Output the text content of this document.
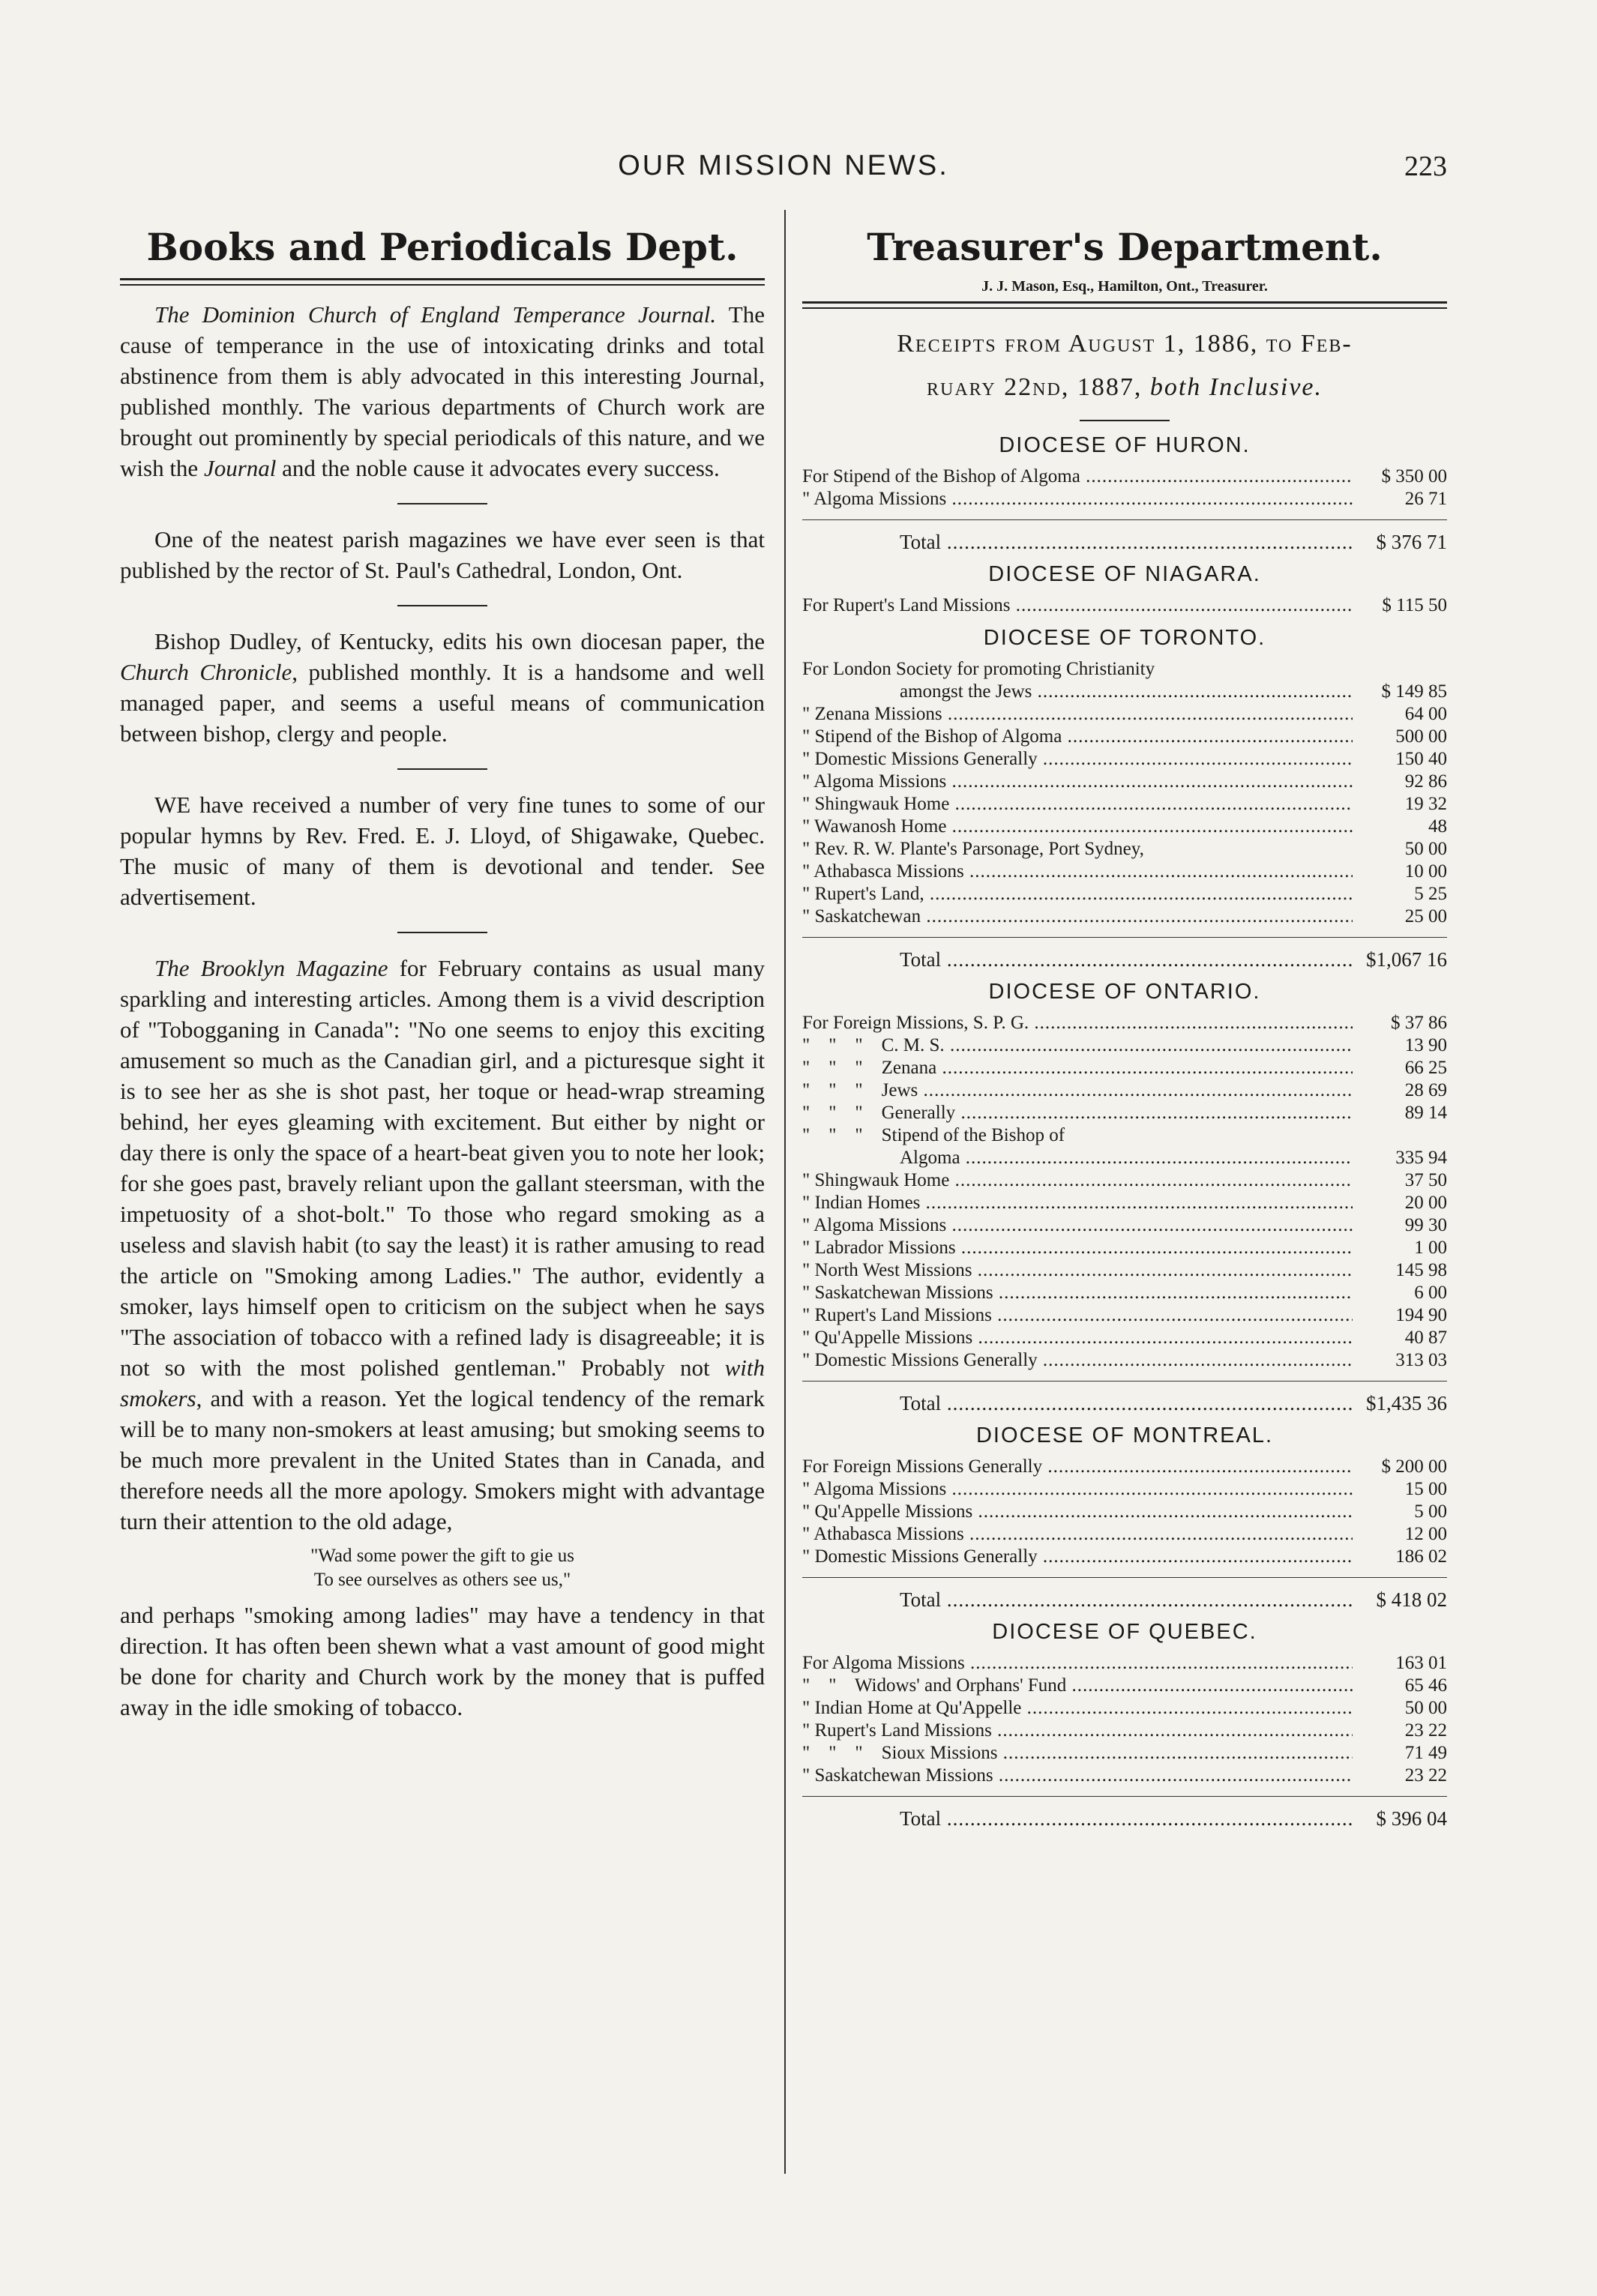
OUR MISSION NEWS.	223
Books and Periodicals Dept.

The Dominion Church of England Temperance Journal. The cause of temperance in the use of intoxicating drinks and total abstinence from them is ably advocated in this interesting Journal, published monthly. The various departments of Church work are brought out prominently by special periodicals of this nature, and we wish the Journal and the noble cause it advocates every success.

One of the neatest parish magazines we have ever seen is that published by the rector of St. Paul's Cathedral, London, Ont.

Bishop Dudley, of Kentucky, edits his own diocesan paper, the Church Chronicle, published monthly. It is a handsome and well managed paper, and seems a useful means of communication between bishop, clergy and people.

WE have received a number of very fine tunes to some of our popular hymns by Rev. Fred. E. J. Lloyd, of Shigawake, Quebec. The music of many of them is devotional and tender. See advertisement.

The Brooklyn Magazine for February contains as usual many sparkling and interesting articles. Among them is a vivid description of "Tobogganing in Canada": "No one seems to enjoy this exciting amusement so much as the Canadian girl, and a picturesque sight it is to see her as she is shot past, her toque or head-wrap streaming behind, her eyes gleaming with excitement. But either by night or day there is only the space of a heart-beat given you to note her look; for she goes past, bravely reliant upon the gallant steersman, with the impetuosity of a shot-bolt." To those who regard smoking as a useless and slavish habit (to say the least) it is rather amusing to read the article on "Smoking among Ladies." The author, evidently a smoker, lays himself open to criticism on the subject when he says "The association of tobacco with a refined lady is disagreeable; it is not so with the most polished gentleman." Probably not with smokers, and with a reason. Yet the logical tendency of the remark will be to many non-smokers at least amusing; but smoking seems to be much more prevalent in the United States than in Canada, and therefore needs all the more apology. Smokers might with advantage turn their attention to the old adage,

"Wad some power the gift to gie us
To see ourselves as others see us,"

and perhaps "smoking among ladies" may have a tendency in that direction. It has often been shewn what a vast amount of good might be done for charity and Church work by the money that is puffed away in the idle smoking of tobacco.

Treasurer's Department.
J. J. Mason, Esq., Hamilton, Ont., Treasurer.
Receipts from August 1, 1886, to Feb-
ruary 22nd, 1887, both Inclusive.
DIOCESE OF HURON.
For Stipend of the Bishop of Algoma .....	$ 350 00
" Algoma Missions .....	26 71
Total .....	$ 376 71
DIOCESE OF NIAGARA.
For Rupert's Land Missions .....	$ 115 50
DIOCESE OF TORONTO.
For London Society for promoting Christianity
amongst the Jews .....	$ 149 85
" Zenana Missions .....	64 00
" Stipend of the Bishop of Algoma .....	500 00
" Domestic Missions Generally .....	150 40
" Algoma Missions .....	92 86
" Shingwauk Home .....	19 32
" Wawanosh Home .....	48
" Rev. R. W. Plante's Parsonage, Port Sydney,	50 00
" Athabasca Missions .....	10 00
" Rupert's Land, .....	5 25
" Saskatchewan .....	25 00
Total .....	$1,067 16
DIOCESE OF ONTARIO.
For Foreign Missions, S. P. G. .....	$ 37 86
"    "    "    C. M. S. .....	13 90
"    "    "    Zenana .....	66 25
"    "    "    Jews .....	28 69
"    "    "    Generally .....	89 14
"    "    "    Stipend of the Bishop of
Algoma .....	335 94
" Shingwauk Home .....	37 50
" Indian Homes .....	20 00
" Algoma Missions .....	99 30
" Labrador Missions .....	1 00
" North West Missions .....	145 98
" Saskatchewan Missions .....	6 00
" Rupert's Land Missions .....	194 90
" Qu'Appelle Missions .....	40 87
" Domestic Missions Generally .....	313 03
Total .....	$1,435 36
DIOCESE OF MONTREAL.
For Foreign Missions Generally .....	$ 200 00
" Algoma Missions .....	15 00
" Qu'Appelle Missions .....	5 00
" Athabasca Missions .....	12 00
" Domestic Missions Generally .....	186 02
Total .....	$ 418 02
DIOCESE OF QUEBEC.
For Algoma Missions .....	163 01
"    "    Widows' and Orphans' Fund .....	65 46
" Indian Home at Qu'Appelle .....	50 00
" Rupert's Land Missions .....	23 22
"    "    "    Sioux Missions .....	71 49
" Saskatchewan Missions .....	23 22
Total .....	$ 396 04
